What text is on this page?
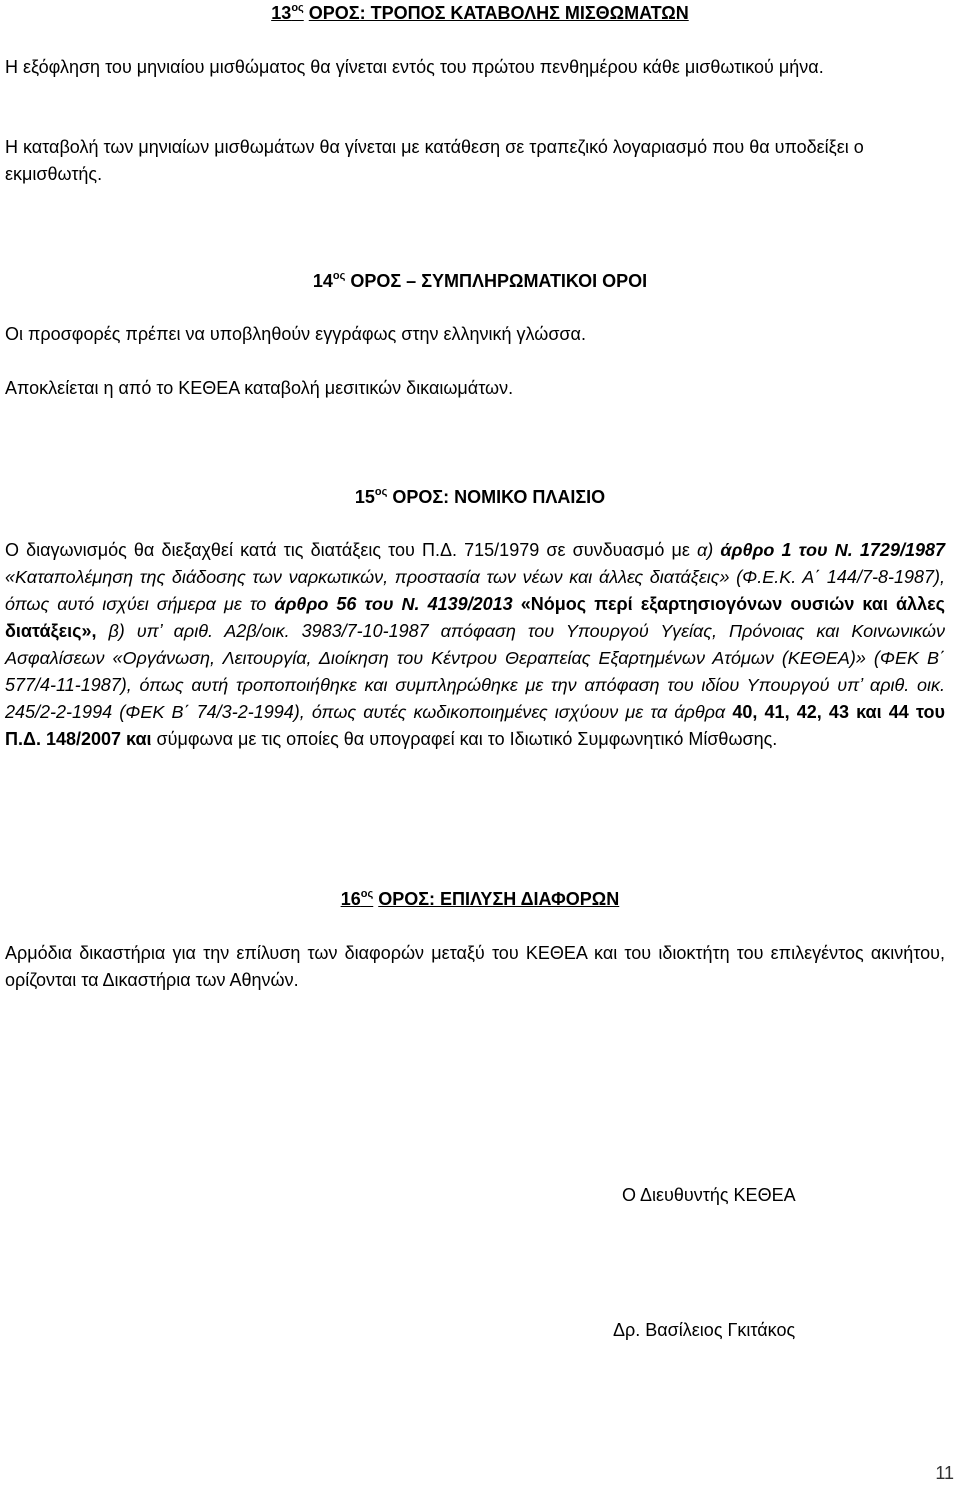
$13^{o\varsigma}$ ΟΡΟΣ: ΤΡΟΠΟΣ ΚΑΤΑΒΟΛΗΣ ΜΙΣΘΩΜΑΤΩΝ
Η εξόφληση του μηνιαίου μισθώματος θα γίνεται εντός του πρώτου πενθημέρου κάθε μισθωτικού μήνα.
Η καταβολή των μηνιαίων μισθωμάτων θα γίνεται με κατάθεση σε τραπεζικό λογαριασμό που θα υποδείξει ο εκμισθωτής.
$14^{o\varsigma}$ ΟΡΟΣ – ΣΥΜΠΛΗΡΩΜΑΤΙΚΟΙ ΟΡΟΙ
Οι προσφορές πρέπει να υποβληθούν εγγράφως στην ελληνική γλώσσα.
Αποκλείεται η από το ΚΕΘΕΑ καταβολή μεσιτικών δικαιωμάτων.
$15^{o\varsigma}$ ΟΡΟΣ: ΝΟΜΙΚΟ ΠΛΑΙΣΙΟ
Ο διαγωνισμός θα διεξαχθεί κατά τις διατάξεις του Π.Δ. 715/1979 σε συνδυασμό με α) άρθρο 1 του Ν. 1729/1987 «Καταπολέμηση της διάδοσης των ναρκωτικών, προστασία των νέων και άλλες διατάξεις» (Φ.Ε.Κ. Α΄ 144/7-8-1987), όπως αυτό ισχύει σήμερα με το άρθρο 56 του Ν. 4139/2013 «Νόμος περί εξαρτησιογόνων ουσιών και άλλες διατάξεις», β) υπ’ αριθ. Α2β/οικ. 3983/7-10-1987 απόφαση του Υπουργού Υγείας, Πρόνοιας και Κοινωνικών Ασφαλίσεων «Οργάνωση, Λειτουργία, Διοίκηση του Κέντρου Θεραπείας Εξαρτημένων Ατόμων (ΚΕΘΕΑ)» (ΦΕΚ Β΄ 577/4-11-1987), όπως αυτή τροποποιήθηκε και συμπληρώθηκε με την απόφαση του ιδίου Υπουργού υπ’ αριθ. οικ. 245/2-2-1994 (ΦΕΚ Β΄ 74/3-2-1994), όπως αυτές κωδικοποιημένες ισχύουν με τα άρθρα 40, 41, 42, 43 και 44 του Π.Δ. 148/2007 και σύμφωνα με τις οποίες θα υπογραφεί και το Ιδιωτικό Συμφωνητικό Μίσθωσης.
$16^{o\varsigma}$ ΟΡΟΣ: ΕΠΙΛΥΣΗ ΔΙΑΦΟΡΩΝ
Αρμόδια δικαστήρια για την επίλυση των διαφορών μεταξύ του ΚΕΘΕΑ και του ιδιοκτήτη του επιλεγέντος ακινήτου, ορίζονται τα Δικαστήρια των Αθηνών.
Ο Διευθυντής ΚΕΘΕΑ
Δρ. Βασίλειος Γκιτάκος
11
